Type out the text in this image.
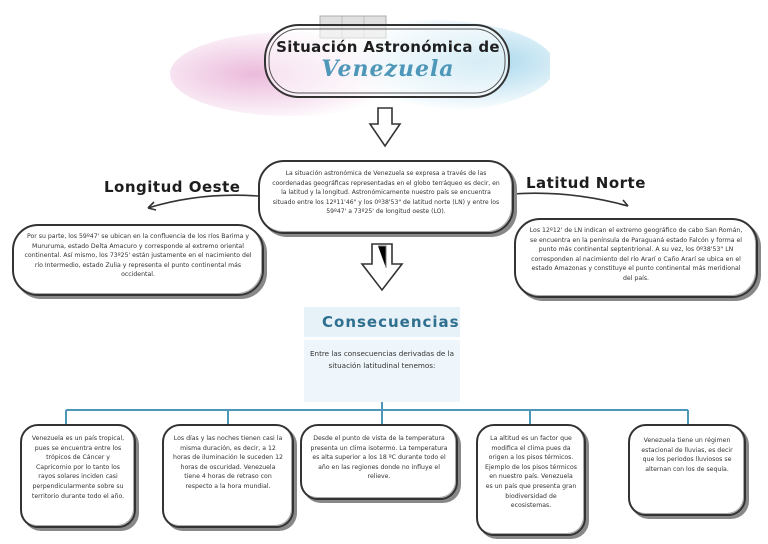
Situación Astronómica de
Venezuela
La situación astronómica de Venezuela se expresa a través de las coordenadas geográficas representadas en el globo terráqueo es decir, en la latitud y la longitud. Astronómicamente nuestro país se encuentra situado entre los 12º11'46" y los 0º38'53" de latitud norte (LN) y entre los 59º47' a 73º25' de longitud oeste (LO).
Longitud Oeste
Por su parte, los 59º47' se ubican en la confluencia de los ríos Barima y Mururuma, estado Delta Amacuro y corresponde al extremo oriental continental. Así mismo, los 73º25' están justamente en el nacimiento del río Intermedio, estado Zulia y representa el punto continental más occidental.
Latitud Norte
Los 12º12' de LN indican el extremo geográfico de cabo San Román, se encuentra en la península de Paraguaná estado Falcón y forma el punto más continental septentrional. A su vez, los 0º38'53" LN corresponden al nacimiento del río Ararí o Caño Ararí se ubica en el estado Amazonas y constituye el punto continental más meridional del país.
Consecuencias
Entre las consecuencias derivadas de la situación latitudinal tenemos:
Venezuela es un país tropical, pues se encuentra entre los trópicos de Cáncer y Capricornio por lo tanto los rayos solares inciden casi perpendicularmente sobre su territorio durante todo el año.
Los días y las noches tienen casi la misma duración, es decir, a 12 horas de iluminación le suceden 12 horas de oscuridad. Venezuela tiene 4 horas de retraso con respecto a la hora mundial.
Desde el punto de vista de la temperatura presenta un clima isotermo. La temperatura es alta superior a los 18 ºC durante todo el año en las regiones donde no influye el relieve.
La altitud es un factor que modifica el clima pues da origen a los pisos térmicos. Ejemplo de los pisos térmicos en nuestro país. Venezuela es un país que presenta gran biodiversidad de ecosistemas.
Venezuela tiene un régimen estacional de lluvias, es decir que los periodos lluviosos se alternan con los de sequía.
